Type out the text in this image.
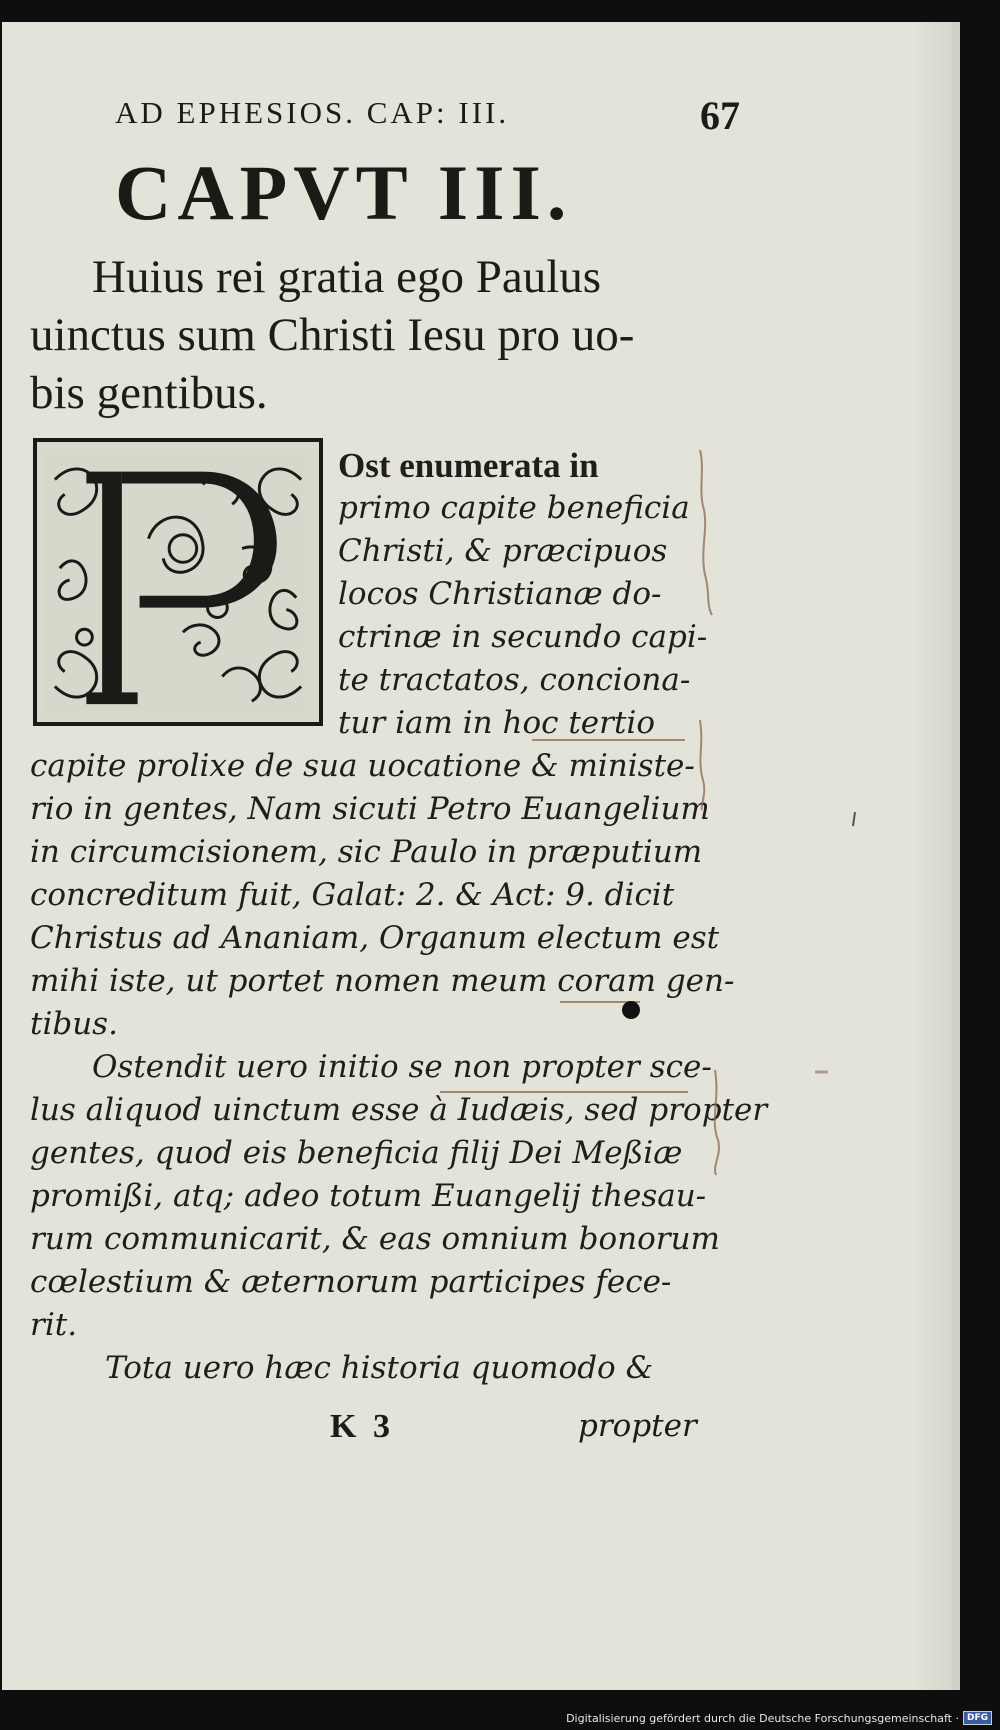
AD EPHESIOS. CAP: III.	67
CAPVT III.
Huius rei gratia ego Paulus
uinctus sum Christi Iesu pro uo-
bis gentibus.
Ost enumerata in
primo capite beneficia
Christi, & præcipuos
locos Christianæ do-
ctrinæ in secundo capi-
te tractatos, conciona-
tur iam in hoc tertio
capite prolixe de sua uocatione & ministe-
rio in gentes, Nam sicuti Petro Euangelium
in circumcisionem, sic Paulo in præputium
concreditum fuit, Galat: 2. & Act: 9. dicit
Christus ad Ananiam, Organum electum est
mihi iste, ut portet nomen meum coram gen-
tibus.
Ostendit uero initio se non propter sce-
lus aliquod uinctum esse à Iudæis, sed propter
gentes, quod eis beneficia filij Dei Meßiæ
promißi, atq; adeo totum Euangelij thesau-
rum communicarit, & eas omnium bonorum
cœlestium & æternorum participes fece-
rit.
Tota uero hæc historia quomodo &
K 3	propter
Digitalisierung gefördert durch die Deutsche Forschungsgemeinschaft · DFG
